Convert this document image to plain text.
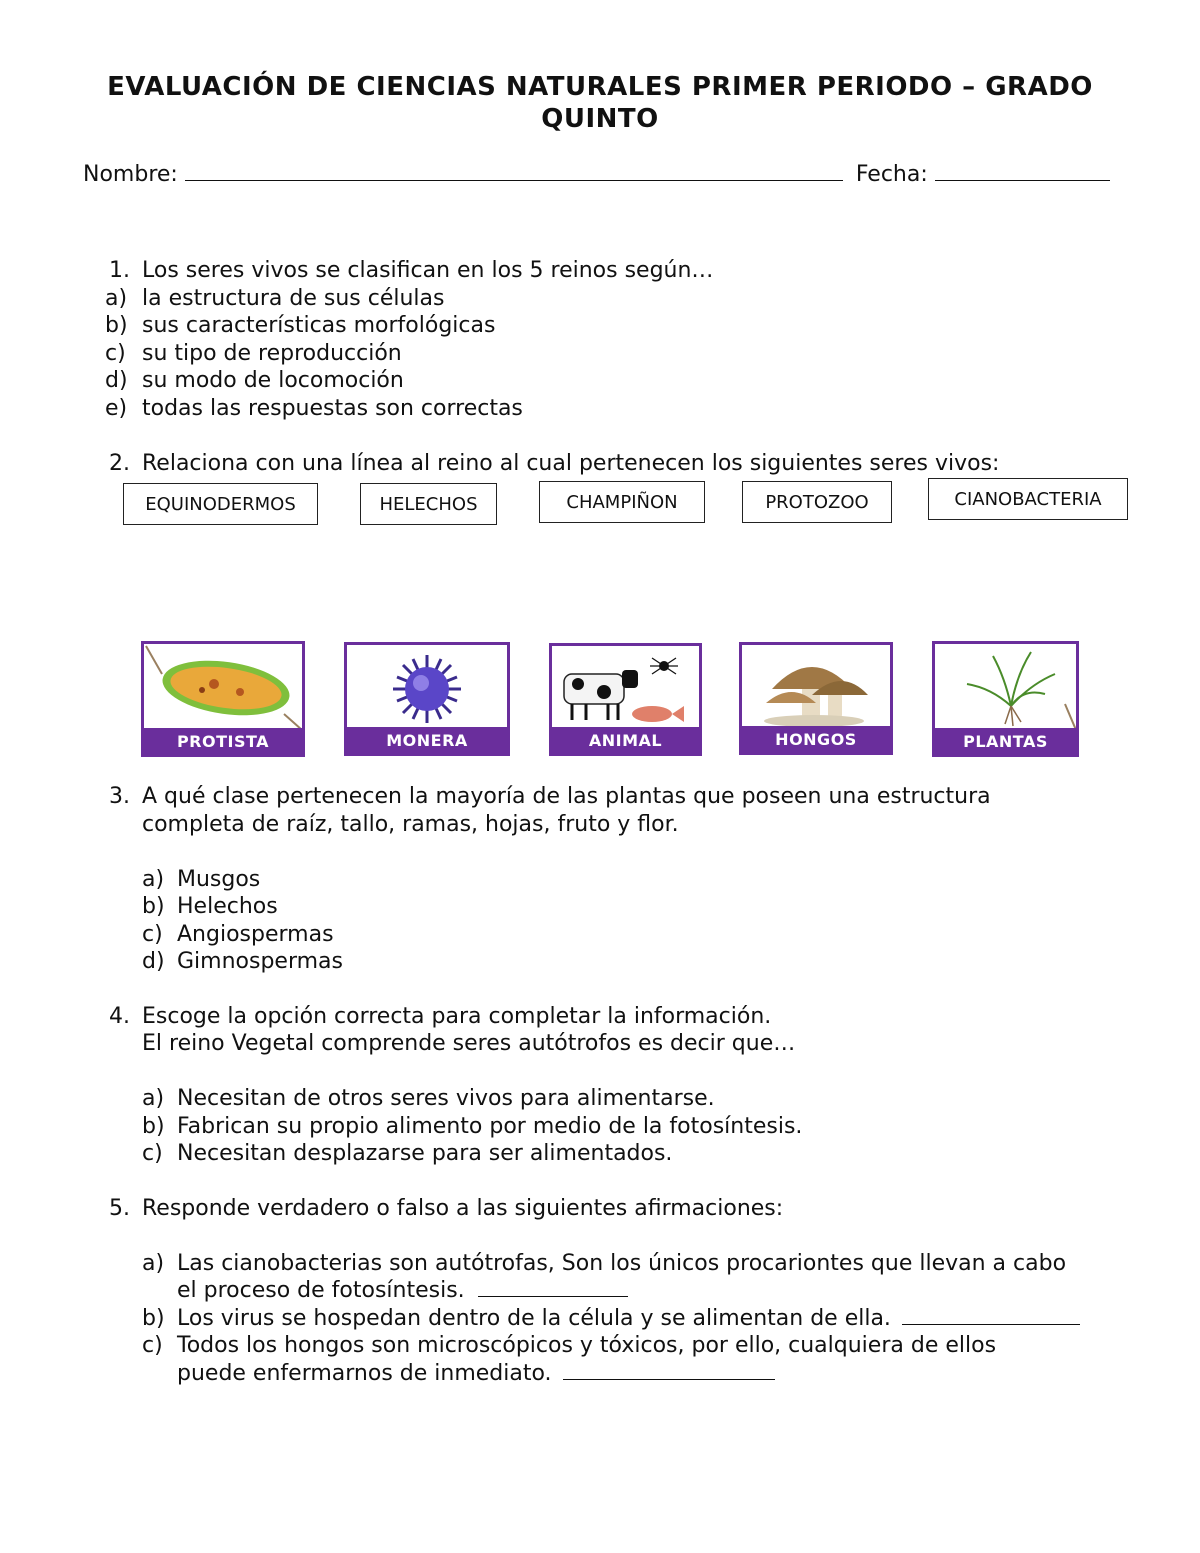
EVALUACIÓN DE CIENCIAS NATURALES PRIMER PERIODO – GRADO
QUINTO
Nombre:	Fecha:
1. Los seres vivos se clasifican en los 5 reinos según…
a) la estructura de sus células
b) sus características morfológicas
c) su tipo de reproducción
d) su modo de locomoción
e) todas las respuestas son correctas
2. Relaciona con una línea al reino al cual pertenecen los siguientes seres vivos:
EQUINODERMOS	HELECHOS	CHAMPIÑON	PROTOZOO	CIANOBACTERIA
PROTISTA	MONERA	ANIMAL	HONGOS	PLANTAS
3. A qué clase pertenecen la mayoría de las plantas que poseen una estructura
completa de raíz, tallo, ramas, hojas, fruto y flor.
a) Musgos
b) Helechos
c) Angiospermas
d) Gimnospermas
4. Escoge la opción correcta para completar la información.
El reino Vegetal comprende seres autótrofos es decir que…
a) Necesitan de otros seres vivos para alimentarse.
b) Fabrican su propio alimento por medio de la fotosíntesis.
c) Necesitan desplazarse para ser alimentados.
5. Responde verdadero o falso a las siguientes afirmaciones:
a) Las cianobacterias son autótrofas, Son los únicos procariontes que llevan a cabo
el proceso de fotosíntesis.
b) Los virus se hospedan dentro de la célula y se alimentan de ella.
c) Todos los hongos son microscópicos y tóxicos, por ello, cualquiera de ellos
puede enfermarnos de inmediato.
